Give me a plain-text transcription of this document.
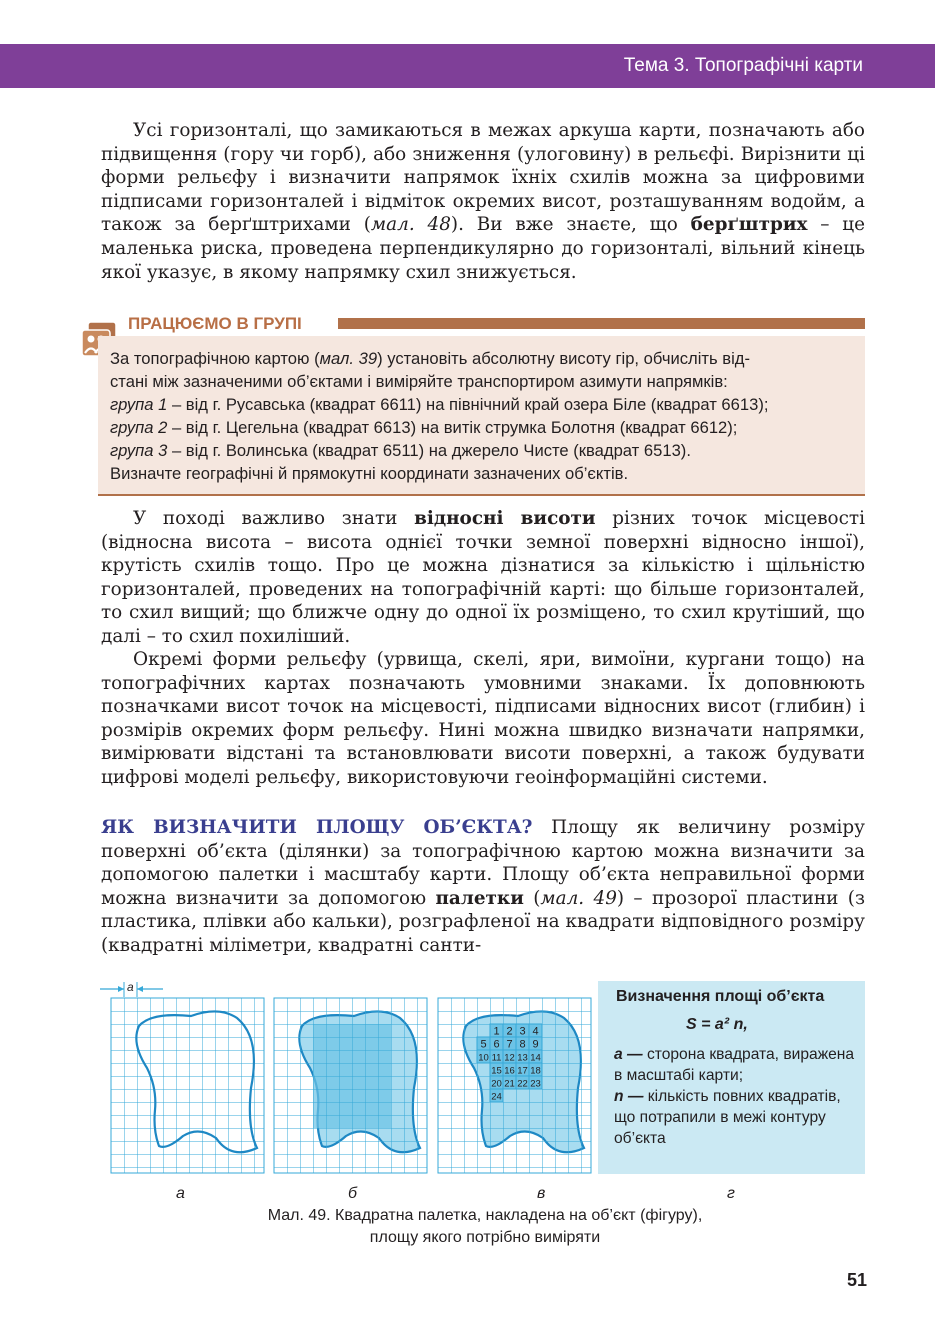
Тема 3. Топографічні карти

Усі горизонталі, що замикаються в межах аркуша карти, позначають або підвищення (гору чи горб), або зниження (улоговину) в рельєфі. Вирізнити ці форми рельєфу і визначити напрямок їхніх схилів можна за цифровими підписами горизонталей і відміток окремих висот, розташуванням водойм, а також за берґштрихами (мал. 48). Ви вже знаєте, що берґштрих – це маленька риска, проведена перпендикулярно до горизонталі, вільний кінець якої указує, в якому напрямку схил знижується.

ПРАЦЮЄМО В ГРУПІ
За топографічною картою (мал. 39) установіть абсолютну висоту гір, обчисліть від-
стані між зазначеними об’єктами і виміряйте транспортиром азимути напрямків:
група 1 – від г. Русавська (квадрат 6611) на північний край озера Біле (квадрат 6613);
група 2 – від г. Цегельна (квадрат 6613) на витік струмка Болотня (квадрат 6612);
група 3 – від г. Волинська (квадрат 6511) на джерело Чисте (квадрат 6513).
Визначте географічні й прямокутні координати зазначених об’єктів.

У поході важливо знати відносні висоти різних точок місцевості (відносна висота – висота однієї точки земної поверхні відносно іншої), крутість схилів тощо. Про це можна дізнатися за кількістю і щільністю горизонталей, проведених на топографічній карті: що більше горизонталей, то схил вищий; що ближче одну до одної їх розміщено, то схил крутіший, що далі – то схил похиліший.

Окремі форми рельєфу (урвища, скелі, яри, вимоїни, кургани тощо) на топографічних картах позначають умовними знаками. Їх доповнюють позначками висот точок на місцевості, підписами відносних висот (глибин) і розмірів окремих форм рельєфу. Нині можна швидко визначати напрямки, вимірювати відстані та встановлювати висоти поверхні, а також будувати цифрові моделі рельєфу, використовуючи геоінформаційні системи.

ЯК ВИЗНАЧИТИ ПЛОЩУ ОБ’ЄКТА? Площу як величину розміру поверхні об’єкта (ділянки) за топографічною картою можна визначити за допомогою палетки і масштабу карти. Площу об’єкта неправильної форми можна визначити за допомогою палетки (мал. 49) – прозорої пластини (з пластика, плівки або кальки), розграфленої на квадрати відповідного розміру (квадратні міліметри, квадратні санти-

a
1 2 3 4
5 6 7 8 9
10 11 12 13 14
15 16 17 18
20 21 22 23
24
Визначення площі об’єкта
S = a² n,
a — сторона квадрата, виражена в масштабі карти;
n — кількість повних квадратів, що потрапили в межі контуру об’єкта
а	б	в	г
Мал. 49. Квадратна палетка, накладена на об’єкт (фігуру),
площу якого потрібно виміряти
51
